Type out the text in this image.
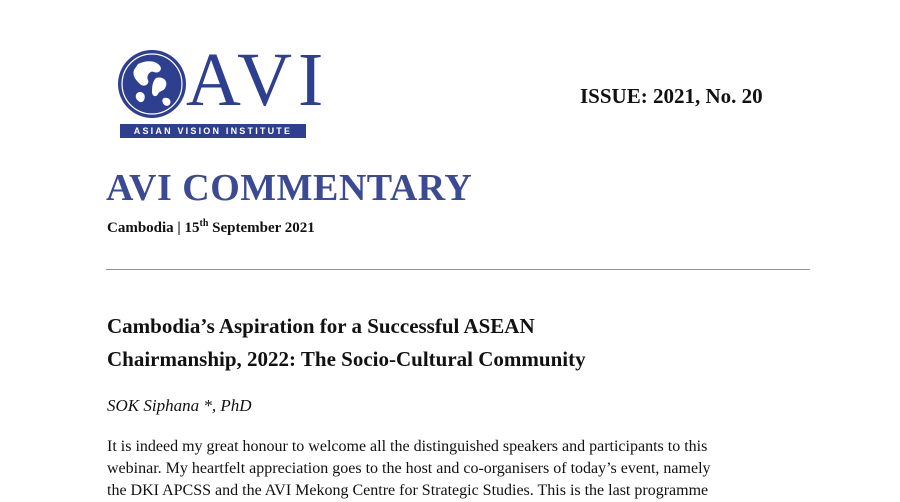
AVI
ASIAN VISION INSTITUTE
ISSUE: 2021, No. 20
AVI COMMENTARY
Cambodia | 15th September 2021
Cambodia’s Aspiration for a Successful ASEAN
Chairmanship, 2022: The Socio-Cultural Community
SOK Siphana *, PhD
It is indeed my great honour to welcome all the distinguished speakers and participants to this
webinar. My heartfelt appreciation goes to the host and co-organisers of today’s event, namely
the DKI APCSS and the AVI Mekong Centre for Strategic Studies. This is the last programme
